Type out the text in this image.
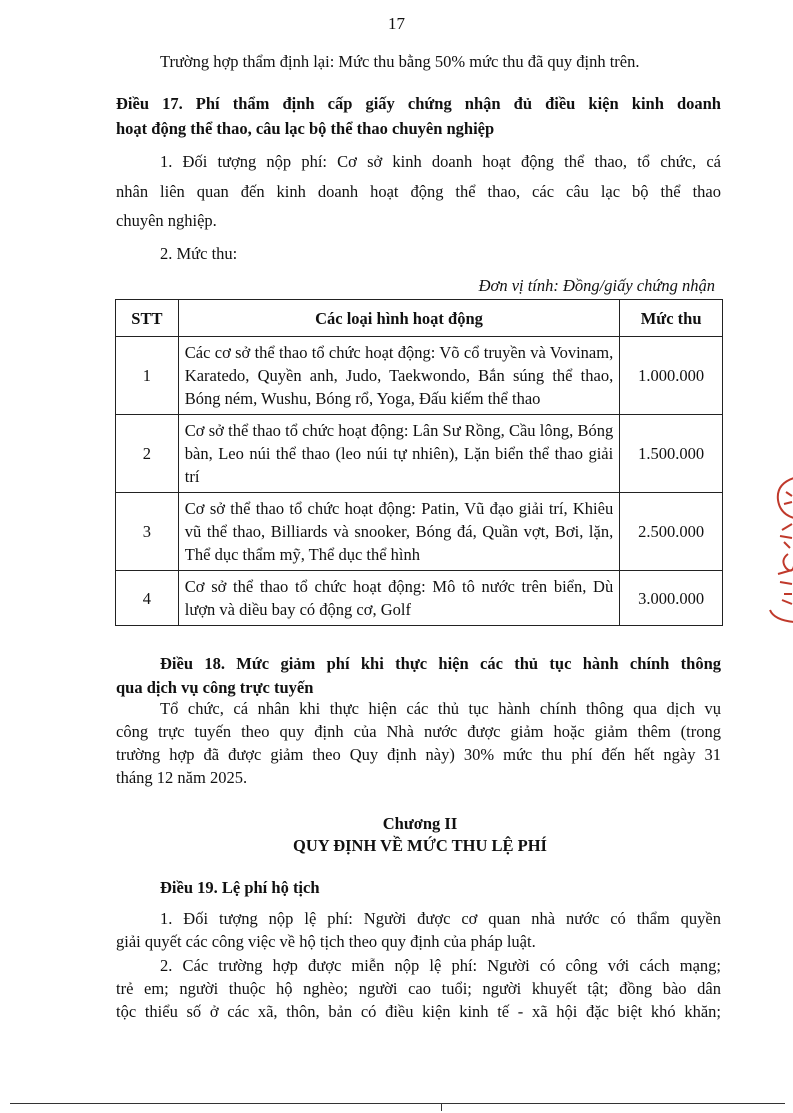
17

Trường hợp thẩm định lại: Mức thu bằng 50% mức thu đã quy định trên.

Điều 17. Phí thẩm định cấp giấy chứng nhận đủ điều kiện kinh doanh

hoạt động thể thao, câu lạc bộ thể thao chuyên nghiệp

1. Đối tượng nộp phí: Cơ sở kinh doanh hoạt động thể thao, tổ chức, cá

nhân liên quan đến kinh doanh hoạt động thể thao, các câu lạc bộ thể thao

chuyên nghiệp.

2. Mức thu:

Đơn vị tính: Đồng/giấy chứng nhận

STT	Các loại hình hoạt động	Mức thu
1	Các cơ sở thể thao tổ chức hoạt động: Võ cổ truyền và Vovinam, Karatedo, Quyền anh, Judo, Taekwondo, Bắn súng thể thao, Bóng ném, Wushu, Bóng rổ, Yoga, Đấu kiếm thể thao	1.000.000
2	Cơ sở thể thao tổ chức hoạt động: Lân Sư Rồng, Cầu lông, Bóng bàn, Leo núi thể thao (leo núi tự nhiên), Lặn biển thể thao giải trí	1.500.000
3	Cơ sở thể thao tổ chức hoạt động: Patin, Vũ đạo giải trí, Khiêu vũ thể thao, Billiards và snooker, Bóng đá, Quần vợt, Bơi, lặn, Thể dục thẩm mỹ, Thể dục thể hình	2.500.000
4	Cơ sở thể thao tổ chức hoạt động: Mô tô nước trên biển, Dù lượn và diều bay có động cơ, Golf	3.000.000

Điều 18. Mức giảm phí khi thực hiện các thủ tục hành chính thông

qua dịch vụ công trực tuyến

Tổ chức, cá nhân khi thực hiện các thủ tục hành chính thông qua dịch vụ

công trực tuyến theo quy định của Nhà nước được giảm hoặc giảm thêm (trong

trường hợp đã được giảm theo Quy định này) 30% mức thu phí đến hết ngày 31

tháng 12 năm 2025.

Chương II

QUY ĐỊNH VỀ MỨC THU LỆ PHÍ

Điều 19. Lệ phí hộ tịch

1. Đối tượng nộp lệ phí: Người được cơ quan nhà nước có thẩm quyền

giải quyết các công việc về hộ tịch theo quy định của pháp luật.

2. Các trường hợp được miễn nộp lệ phí: Người có công với cách mạng;

trẻ em; người thuộc hộ nghèo; người cao tuổi; người khuyết tật; đồng bào dân

tộc thiểu số ở các xã, thôn, bản có điều kiện kinh tế - xã hội đặc biệt khó khăn;
